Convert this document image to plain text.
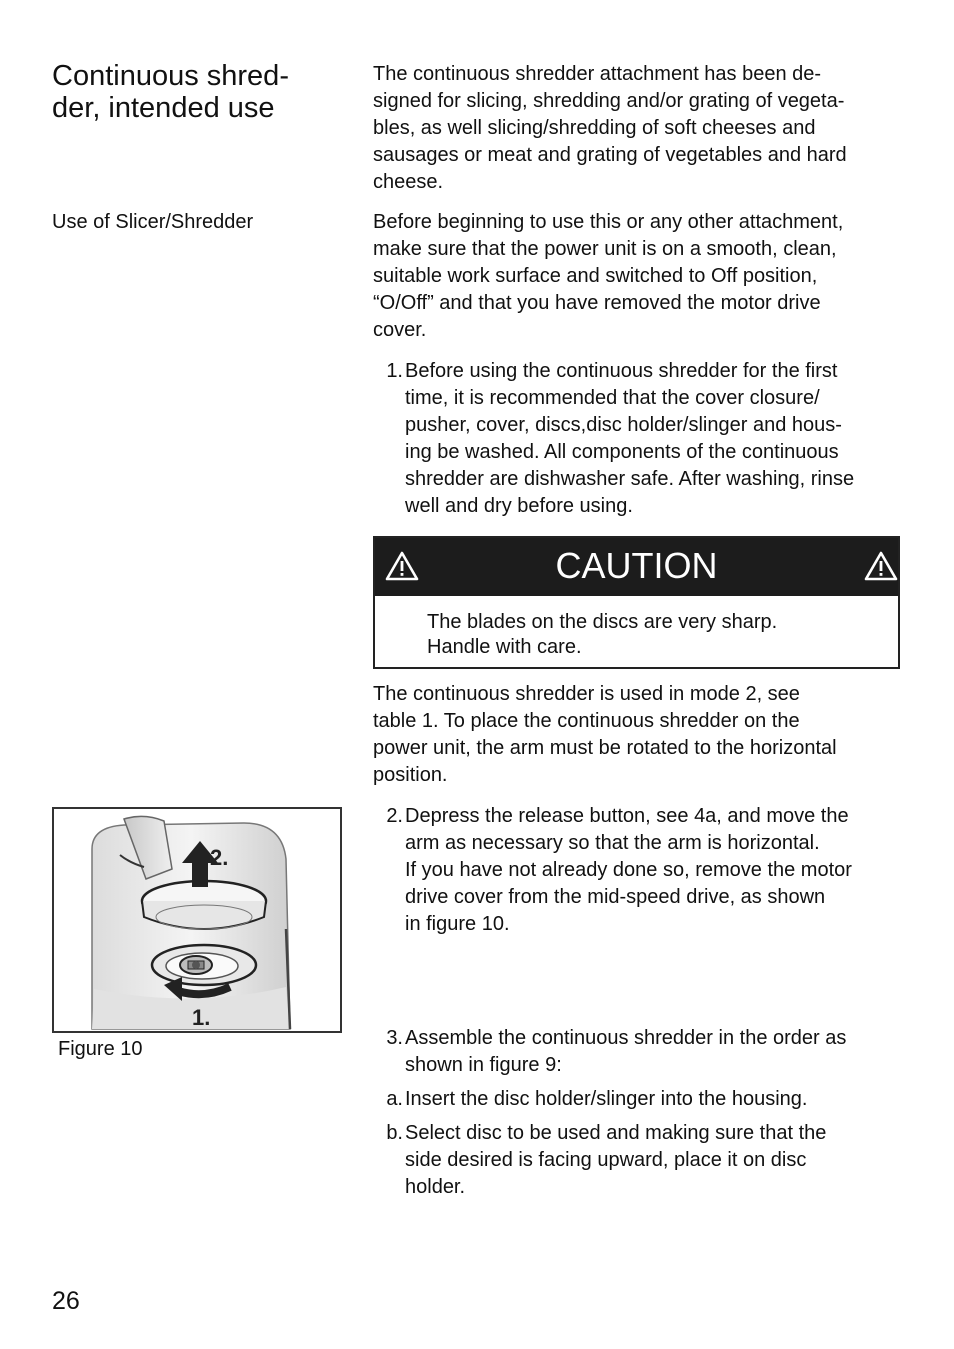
Continuous shred-
der, intended use
The continuous shredder attachment has been de-
signed for slicing, shredding and/or grating of vegeta-
bles, as well slicing/shredding of soft cheeses and
sausages or meat and grating of vegetables and hard
cheese.
Use of Slicer/Shredder	Before beginning to use this or any other attachment,
make sure that the power unit is on a smooth, clean,
suitable work surface and switched to Off position,
“O/Off” and that you have removed the motor drive
cover.
1. Before using the continuous shredder for the first
time, it is recommended that the cover closure/
pusher, cover, discs,disc holder/slinger and hous-
ing be washed. All components of the continuous
shredder are dishwasher safe. After washing, rinse
well and dry before using.
CAUTION
The blades on the discs are very sharp.
Handle with care.
The continuous shredder is used in mode 2, see
table 1. To place the continuous shredder on the
power unit, the arm must be rotated to the horizontal
position.
2. Depress the release button, see 4a, and move the
arm as necessary so that the arm is horizontal.
If you have not already done so, remove the motor
drive cover from the mid-speed drive, as shown
in figure 10.
2.
1.
Figure 10	3. Assemble the continuous shredder in the order as
shown in figure 9:
a. Insert the disc holder/slinger into the housing.
b. Select disc to be used and making sure that the
side desired is facing upward, place it on disc
holder.
26
